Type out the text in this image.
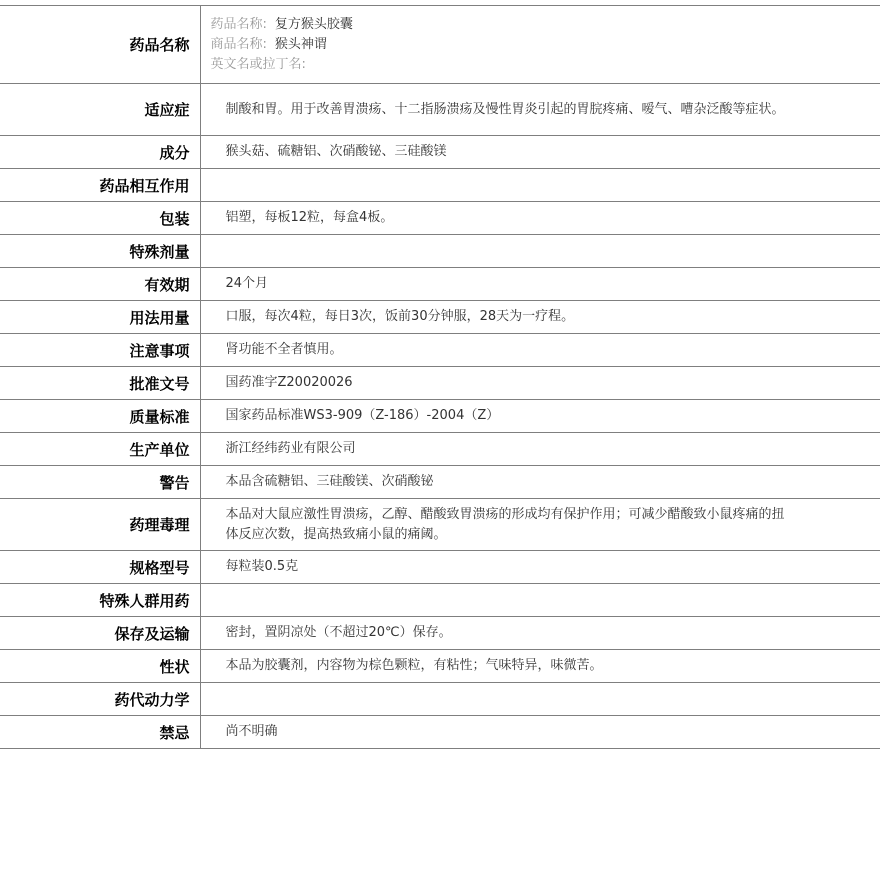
药品名称	药品名称: 复方猴头胶囊
商品名称: 猴头神谓
英文名或拉丁名:

适应症	制酸和胃。用于改善胃溃疡、十二指肠溃疡及慢性胃炎引起的胃脘疼痛、嗳气、嘈杂泛酸等症状。
成分	猴头菇、硫糖铝、次硝酸铋、三硅酸镁
药品相互作用	
包装	铝塑，每板12粒，每盒4板。
特殊剂量	
有效期	24个月
用法用量	口服，每次4粒，每日3次，饭前30分钟服，28天为一疗程。
注意事项	肾功能不全者慎用。
批准文号	国药准字Z20020026
质量标准	国家药品标准WS3-909（Z-186）-2004（Z）
生产单位	浙江经纬药业有限公司
警告	本品含硫糖铝、三硅酸镁、次硝酸铋
药理毒理	本品对大鼠应激性胃溃疡，乙醇、醋酸致胃溃疡的形成均有保护作用；可减少醋酸致小鼠疼痛的扭体反应次数，提高热致痛小鼠的痛阈。
规格型号	每粒装0.5克
特殊人群用药	
保存及运输	密封，置阴凉处（不超过20℃）保存。
性状	本品为胶囊剂，内容物为棕色颗粒，有粘性；气味特异，味微苦。
药代动力学	
禁忌	尚不明确
